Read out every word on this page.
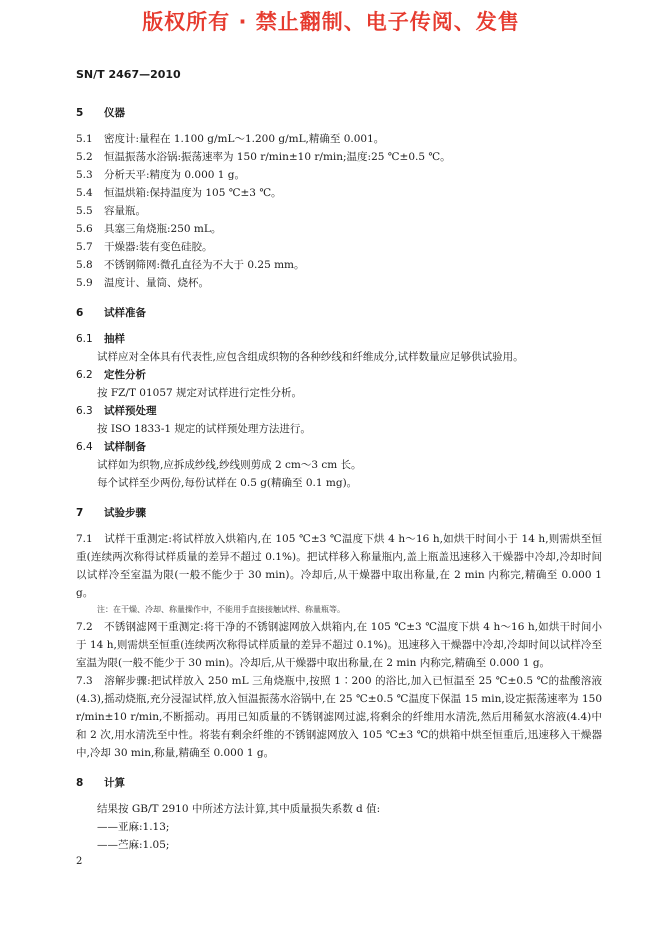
版权所有 · 禁止翻制、电子传阅、发售
SN/T 2467—2010
5 仪器
5.1 密度计:量程在 1.100 g/mL～1.200 g/mL,精确至 0.001。
5.2 恒温振荡水浴锅:振荡速率为 150 r/min±10 r/min;温度:25 ℃±0.5 ℃。
5.3 分析天平:精度为 0.000 1 g。
5.4 恒温烘箱:保持温度为 105 ℃±3 ℃。
5.5 容量瓶。
5.6 具塞三角烧瓶:250 mL。
5.7 干燥器:装有变色硅胶。
5.8 不锈钢筛网:微孔直径为不大于 0.25 mm。
5.9 温度计、量筒、烧杯。
6 试样准备
6.1 抽样
试样应对全体具有代表性,应包含组成织物的各种纱线和纤维成分,试样数量应足够供试验用。
6.2 定性分析
按 FZ/T 01057 规定对试样进行定性分析。
6.3 试样预处理
按 ISO 1833-1 规定的试样预处理方法进行。
6.4 试样制备
试样如为织物,应拆成纱线,纱线则剪成 2 cm～3 cm 长。
每个试样至少两份,每份试样在 0.5 g(精确至 0.1 mg)。
7 试验步骤
7.1 试样干重测定:将试样放入烘箱内,在 105 ℃±3 ℃温度下烘 4 h～16 h,如烘干时间小于 14 h,则需烘至恒重(连续两次称得试样质量的差异不超过 0.1%)。把试样移入称量瓶内,盖上瓶盖迅速移入干燥器中冷却,冷却时间以试样冷至室温为限(一般不能少于 30 min)。冷却后,从干燥器中取出称量,在 2 min 内称完,精确至 0.000 1 g。
注：在干燥、冷却、称量操作中，不能用手直接接触试样、称量瓶等。
7.2 不锈钢滤网干重测定:将干净的不锈钢滤网放入烘箱内,在 105 ℃±3 ℃温度下烘 4 h～16 h,如烘干时间小于 14 h,则需烘至恒重(连续两次称得试样质量的差异不超过 0.1%)。迅速移入干燥器中冷却,冷却时间以试样冷至室温为限(一般不能少于 30 min)。冷却后,从干燥器中取出称量,在 2 min 内称完,精确至 0.000 1 g。
7.3 溶解步骤:把试样放入 250 mL 三角烧瓶中,按照 1∶200 的浴比,加入已恒温至 25 ℃±0.5 ℃的盐酸溶液(4.3),摇动烧瓶,充分浸湿试样,放入恒温振荡水浴锅中,在 25 ℃±0.5 ℃温度下保温 15 min,设定振荡速率为 150 r/min±10 r/min,不断摇动。再用已知质量的不锈钢滤网过滤,将剩余的纤维用水清洗,然后用稀氨水溶液(4.4)中和 2 次,用水清洗至中性。将装有剩余纤维的不锈钢滤网放入 105 ℃±3 ℃的烘箱中烘至恒重后,迅速移入干燥器中,冷却 30 min,称量,精确至 0.000 1 g。
8 计算
结果按 GB/T 2910 中所述方法计算,其中质量损失系数 d 值:
——亚麻:1.13;
——苎麻:1.05;
2
